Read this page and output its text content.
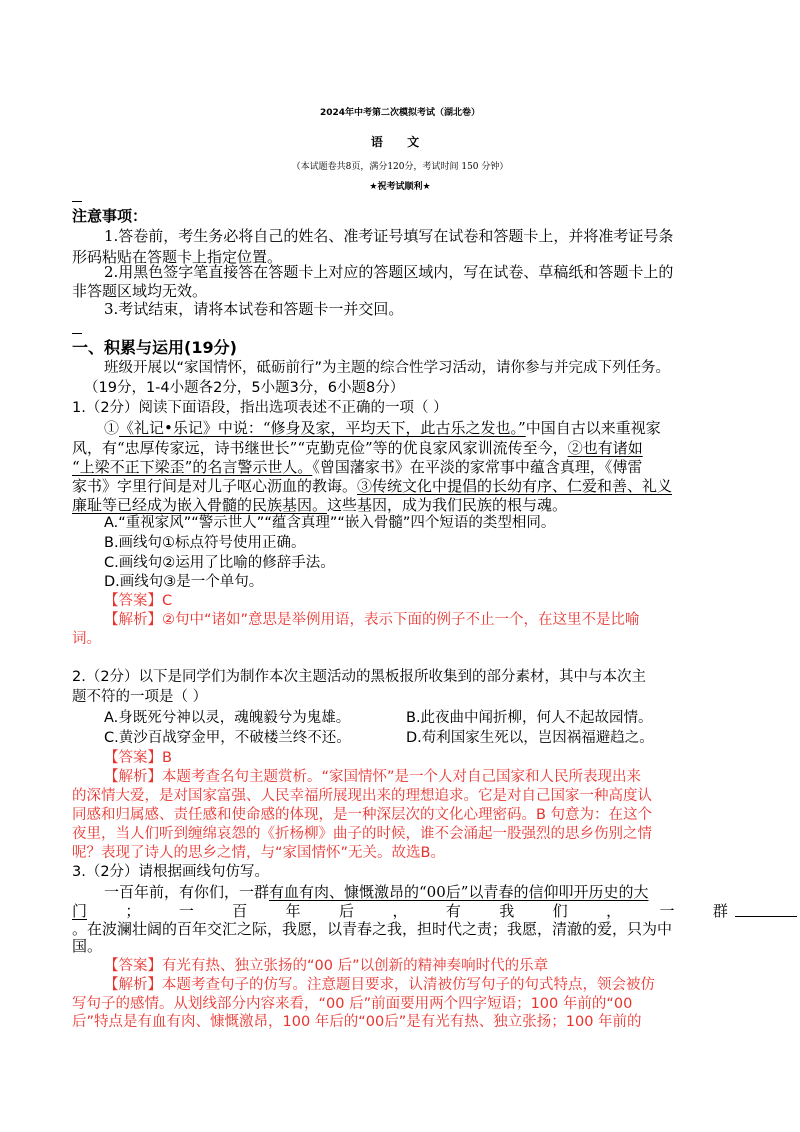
2024年中考第二次模拟考试（湖北卷）
语 文
（本试题卷共8页，满分120分，考试时间 150 分钟）
★祝考试顺利★
注意事项：
1.答卷前，考生务必将自己的姓名、准考证号填写在试卷和答题卡上，并将准考证号条
形码粘贴在答题卡上指定位置。
2.用黑色签字笔直接答在答题卡上对应的答题区域内，写在试卷、草稿纸和答题卡上的
非答题区域均无效。
3.考试结束，请将本试卷和答题卡一并交回。
一、积累与运用(19分)
班级开展以“家国情怀，砥砺前行”为主题的综合性学习活动，请你参与并完成下列任务。
（19分，1-4小题各2分，5小题3分，6小题8分）
1.（2分）阅读下面语段，指出选项表述不正确的一项（ ）
①《礼记•乐记》中说：“修身及家，平均天下，此古乐之发也。”中国自古以来重视家
风，有“忠厚传家远，诗书继世长”“克勤克俭”等的优良家风家训流传至今，②也有诸如
“上梁不正下梁歪”的名言警示世人。《曾国藩家书》在平淡的家常事中蕴含真理，《傅雷
家书》字里行间是对儿子呕心沥血的教诲。③传统文化中提倡的长幼有序、仁爱和善、礼义
廉耻等已经成为嵌入骨髓的民族基因。这些基因，成为我们民族的根与魂。
A.“重视家风”“警示世人”“蕴含真理”“嵌入骨髓”四个短语的类型相同。
B.画线句①标点符号使用正确。
C.画线句②运用了比喻的修辞手法。
D.画线句③是一个单句。
【答案】C
【解析】②句中“诸如”意思是举例用语，表示下面的例子不止一个，在这里不是比喻
词。
2.（2分）以下是同学们为制作本次主题活动的黑板报所收集到的部分素材，其中与本次主
题不符的一项是（ ）
A.身既死兮神以灵，魂魄毅兮为鬼雄。	B.此夜曲中闻折柳，何人不起故园情。
C.黄沙百战穿金甲，不破楼兰终不还。	D.苟利国家生死以，岂因祸福避趋之。
【答案】B
【解析】本题考查名句主题赏析。“家国情怀”是一个人对自己国家和人民所表现出来
的深情大爱，是对国家富强、人民幸福所展现出来的理想追求。它是对自己国家一种高度认
同感和归属感、责任感和使命感的体现，是一种深层次的文化心理密码。B 句意为：在这个
夜里，当人们听到缠绵哀怨的《折杨柳》曲子的时候，谁不会涌起一股强烈的思乡伤别之情
呢？表现了诗人的思乡之情，与“家国情怀”无关。故选B。
3.（2分）请根据画线句仿写。
一百年前，有你们，一群有血有肉、慷慨激昂的“00后”以青春的信仰叩开历史的大
门	；	一	百	年	后	，	有	我	们	，	一	群
。在波澜壮阔的百年交汇之际，我愿，以青春之我，担时代之责；我愿，清澈的爱，只为中
国。
【答案】有光有热、独立张扬的“00 后”以创新的精神奏响时代的乐章
【解析】本题考查句子的仿写。注意题目要求，认清被仿写句子的句式特点，领会被仿
写句子的感情。从划线部分内容来看，“00 后”前面要用两个四字短语；100 年前的“00
后”特点是有血有肉、慷慨激昂，100 年后的“00后”是有光有热、独立张扬；100 年前的
